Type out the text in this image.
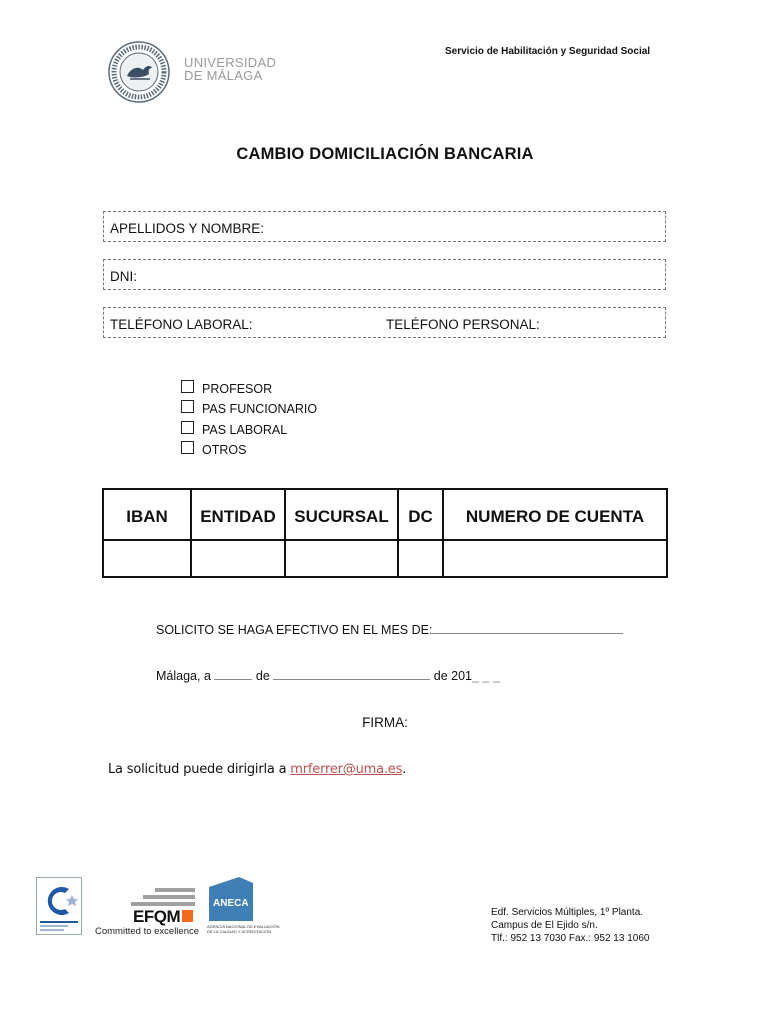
UNIVERSIDAD
DE MÁLAGA
Servicio de Habilitación y Seguridad Social
CAMBIO DOMICILIACIÓN BANCARIA
APELLIDOS Y NOMBRE:
DNI:
TELÉFONO LABORAL:	TELÉFONO PERSONAL:
PROFESOR
PAS FUNCIONARIO
PAS LABORAL
OTROS
IBAN	ENTIDAD	SUCURSAL	DC	NUMERO DE CUENTA

SOLICITO SE HAGA EFECTIVO EN EL MES DE:
Málaga, a	de	de 201_ _ _
FIRMA:
La solicitud puede dirigirla a mrferrer@uma.es.
EFQM
Committed to excellence
ANECA
AGENCIA NACIONAL DE EVALUACIÓN
DE LA CALIDAD Y ACREDITACIÓN
Edf. Servicios Múltiples, 1º Planta.
Campus de El Ejido s/n.
Tlf.: 952 13 7030 Fax.: 952 13 1060
